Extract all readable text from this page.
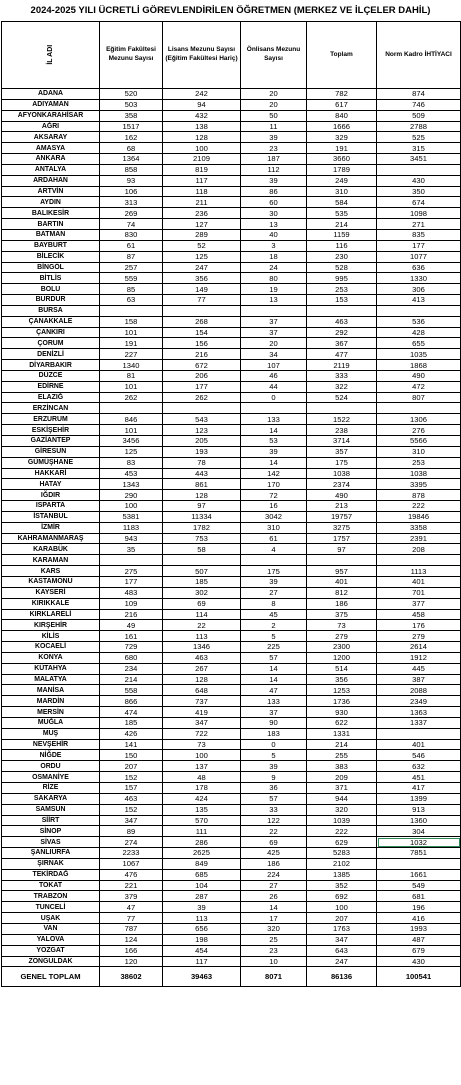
2024-2025 YILI ÜCRETLİ GÖREVLENDİRİLEN ÖĞRETMEN (MERKEZ VE İLÇELER DAHİL)
İL ADI	Eğitim Fakültesi Mezunu Sayısı	Lisans Mezunu Sayısı (Eğitim Fakültesi Hariç)	Önlisans Mezunu Sayısı	Toplam	Norm Kadro İHTİYACI
ADANA	520	242	20	782	874
ADIYAMAN	503	94	20	617	746
AFYONKARAHİSAR	358	432	50	840	509
AĞRI	1517	138	11	1666	2788
AKSARAY	162	128	39	329	525
AMASYA	68	100	23	191	315
ANKARA	1364	2109	187	3660	3451
ANTALYA	858	819	112	1789	
ARDAHAN	93	117	39	249	430
ARTVİN	106	118	86	310	350
AYDIN	313	211	60	584	674
BALIKESİR	269	236	30	535	1098
BARTIN	74	127	13	214	271
BATMAN	830	289	40	1159	835
BAYBURT	61	52	3	116	177
BİLECİK	87	125	18	230	1077
BİNGÖL	257	247	24	528	636
BİTLİS	559	356	80	995	1330
BOLU	85	149	19	253	306
BURDUR	63	77	13	153	413
BURSA					
ÇANAKKALE	158	268	37	463	536
ÇANKIRI	101	154	37	292	428
ÇORUM	191	156	20	367	655
DENİZLİ	227	216	34	477	1035
DİYARBAKIR	1340	672	107	2119	1868
DÜZCE	81	206	46	333	490
EDİRNE	101	177	44	322	472
ELAZIĞ	262	262	0	524	807
ERZİNCAN					
ERZURUM	846	543	133	1522	1306
ESKİŞEHİR	101	123	14	238	276
GAZİANTEP	3456	205	53	3714	5566
GİRESUN	125	193	39	357	310
GÜMÜŞHANE	83	78	14	175	253
HAKKARİ	453	443	142	1038	1038
HATAY	1343	861	170	2374	3395
IĞDIR	290	128	72	490	878
ISPARTA	100	97	16	213	222
İSTANBUL	5381	11334	3042	19757	19846
İZMİR	1183	1782	310	3275	3358
KAHRAMANMARAŞ	943	753	61	1757	2391
KARABÜK	35	58	4	97	208
KARAMAN					
KARS	275	507	175	957	1113
KASTAMONU	177	185	39	401	401
KAYSERİ	483	302	27	812	701
KIRIKKALE	109	69	8	186	377
KIRKLARELİ	216	114	45	375	458
KIRŞEHİR	49	22	2	73	176
KİLİS	161	113	5	279	279
KOCAELİ	729	1346	225	2300	2614
KONYA	680	463	57	1200	1912
KÜTAHYA	234	267	14	514	445
MALATYA	214	128	14	356	387
MANİSA	558	648	47	1253	2088
MARDİN	866	737	133	1736	2349
MERSİN	474	419	37	930	1363
MUĞLA	185	347	90	622	1337
MUŞ	426	722	183	1331	
NEVŞEHİR	141	73	0	214	401
NİĞDE	150	100	5	255	546
ORDU	207	137	39	383	632
OSMANİYE	152	48	9	209	451
RİZE	157	178	36	371	417
SAKARYA	463	424	57	944	1399
SAMSUN	152	135	33	320	913
SİİRT	347	570	122	1039	1360
SİNOP	89	111	22	222	304
SİVAS	274	286	69	629	1032
ŞANLIURFA	2233	2625	425	5283	7851
ŞIRNAK	1067	849	186	2102	
TEKİRDAĞ	476	685	224	1385	1661
TOKAT	221	104	27	352	549
TRABZON	379	287	26	692	681
TUNCELİ	47	39	14	100	196
UŞAK	77	113	17	207	416
VAN	787	656	320	1763	1993
YALOVA	124	198	25	347	487
YOZGAT	166	454	23	643	679
ZONGULDAK	120	117	10	247	430
GENEL TOPLAM	38602	39463	8071	86136	100541
